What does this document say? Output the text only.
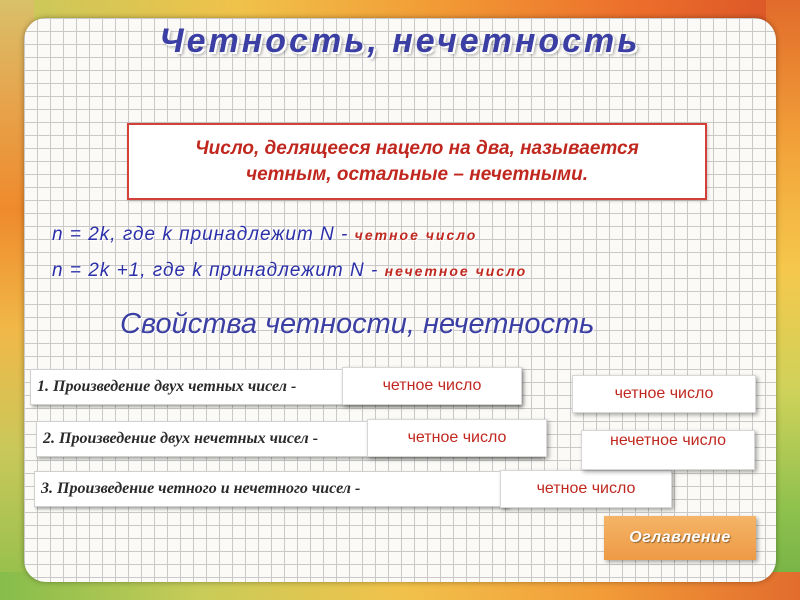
Четность, нечетность
Число, делящееся нацело на два, называется
четным, остальные – нечетными.
n = 2k, где k принадлежит N - четное число
n = 2k +1, где k принадлежит N - нечетное число
Свойства четности, нечетность
1. Произведение двух четных чисел -
2. Произведение двух нечетных чисел -
3. Произведение четного и нечетного чисел -
четное число
четное число
четное число
четное число
нечетное число
Оглавление
